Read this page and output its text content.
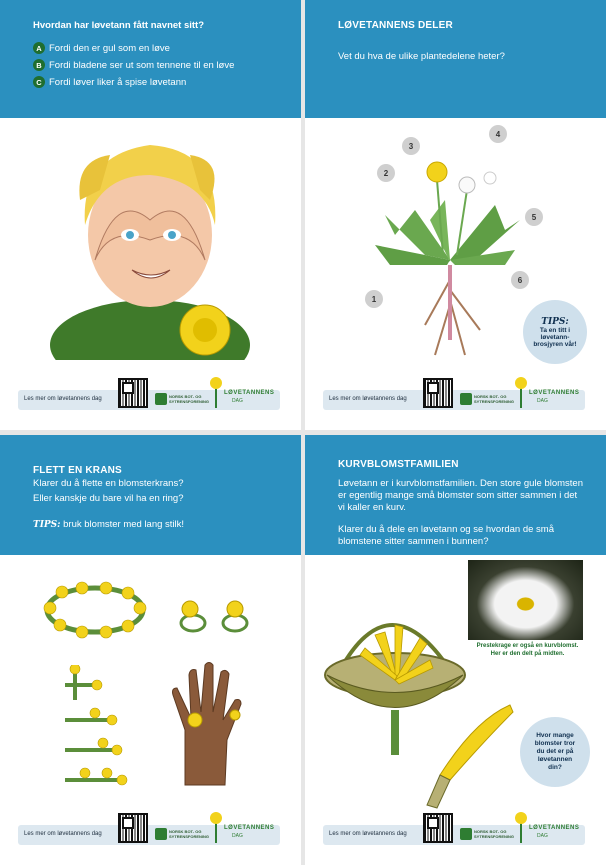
Hvordan har løvetann fått navnet sitt?
A Fordi den er gul som en løve
B Fordi bladene ser ut som tennene til en løve
C Fordi løver liker å spise løvetann
Les mer om løvetannens dag	NORSK BOT- OG SYTRENSFORENING
LØVETANNENS
DAG
LØVETANNENS DELER
Vet du hva de ulike plantedelene heter?
1
2
3
4
5
6
TIPS:
Ta en titt i
løvetann-
brosjyren vår!
Les mer om løvetannens dag	NORSK BOT- OG SYTRENSFORENING
LØVETANNENS
DAG
FLETT EN KRANS
Klarer du å flette en blomsterkrans?
Eller kanskje du bare vil ha en ring?
TIPS: bruk blomster med lang stilk!
Les mer om løvetannens dag	NORSK BOT- OG SYTRENSFORENING
LØVETANNENS
DAG
KURVBLOMSTFAMILIEN
Løvetann er i kurvblomstfamilien. Den store gule blomsten er egentlig mange små blomster som sitter sammen i det vi kaller en kurv.
Klarer du å dele en løvetann og se hvordan de små blomstene sitter sammen i bunnen?
Prestekrage er også en kurvblomst.
Her er den delt på midten.
Hvor mange
blomster tror
du det er på
løvetannen
din?
Les mer om løvetannens dag	NORSK BOT- OG SYTRENSFORENING
LØVETANNENS
DAG
